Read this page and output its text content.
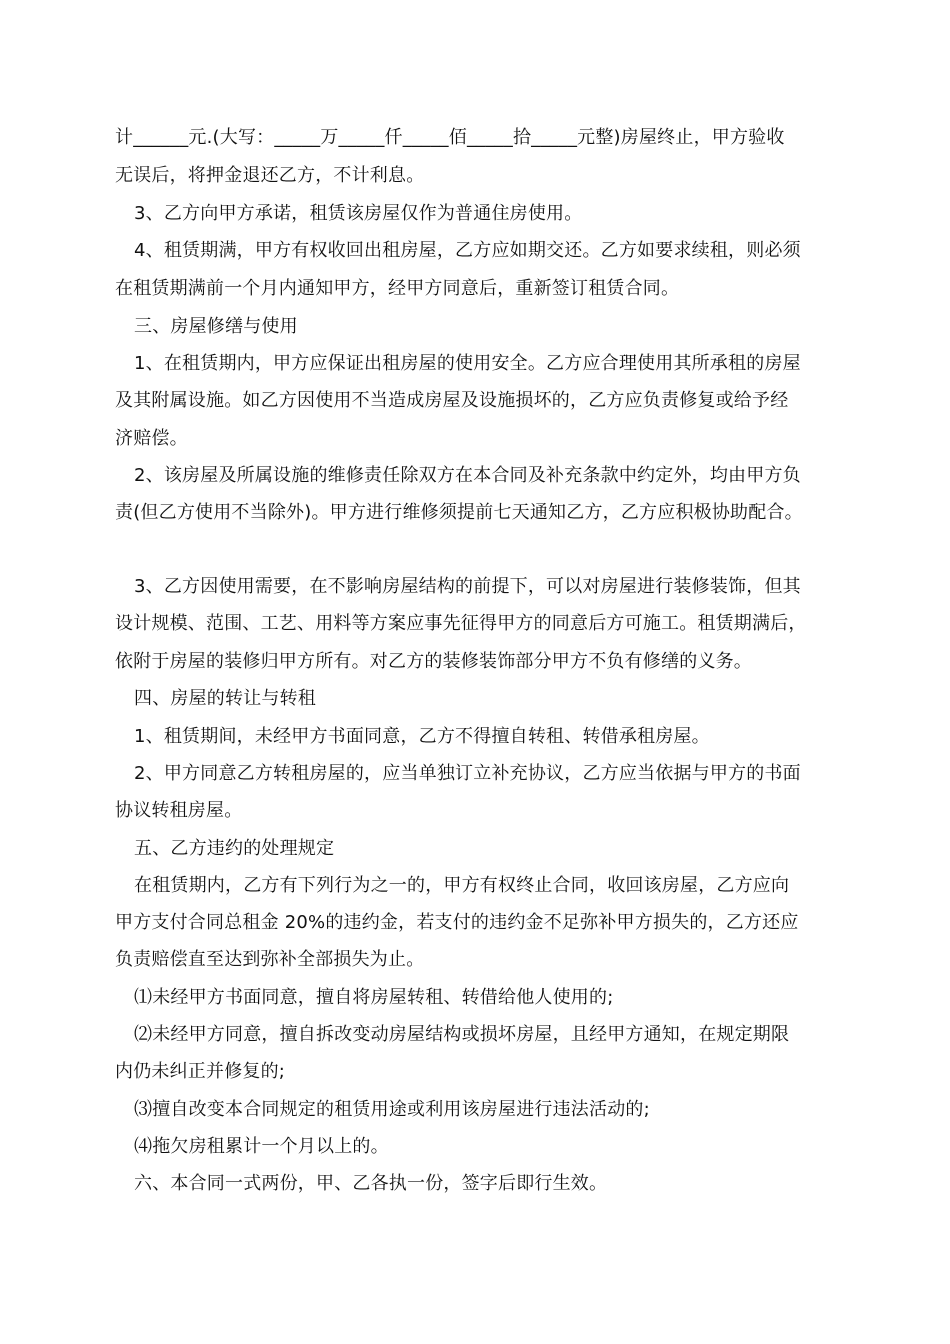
计______元.(大写：_____万_____仟_____佰_____拾_____元整)房屋终止，甲方验收
无误后，将押金退还乙方，不计利息。
3、乙方向甲方承诺，租赁该房屋仅作为普通住房使用。
4、租赁期满，甲方有权收回出租房屋，乙方应如期交还。乙方如要求续租，则必须
在租赁期满前一个月内通知甲方，经甲方同意后，重新签订租赁合同。
三、房屋修缮与使用
1、在租赁期内，甲方应保证出租房屋的使用安全。乙方应合理使用其所承租的房屋
及其附属设施。如乙方因使用不当造成房屋及设施损坏的，乙方应负责修复或给予经
济赔偿。
2、该房屋及所属设施的维修责任除双方在本合同及补充条款中约定外，均由甲方负
责(但乙方使用不当除外)。甲方进行维修须提前七天通知乙方，乙方应积极协助配合。
3、乙方因使用需要，在不影响房屋结构的前提下，可以对房屋进行装修装饰，但其
设计规模、范围、工艺、用料等方案应事先征得甲方的同意后方可施工。租赁期满后，
依附于房屋的装修归甲方所有。对乙方的装修装饰部分甲方不负有修缮的义务。
四、房屋的转让与转租
1、租赁期间，未经甲方书面同意，乙方不得擅自转租、转借承租房屋。
2、甲方同意乙方转租房屋的，应当单独订立补充协议，乙方应当依据与甲方的书面
协议转租房屋。
五、乙方违约的处理规定
在租赁期内，乙方有下列行为之一的，甲方有权终止合同，收回该房屋，乙方应向
甲方支付合同总租金 20%的违约金，若支付的违约金不足弥补甲方损失的，乙方还应
负责赔偿直至达到弥补全部损失为止。
⑴未经甲方书面同意，擅自将房屋转租、转借给他人使用的;
⑵未经甲方同意，擅自拆改变动房屋结构或损坏房屋，且经甲方通知，在规定期限
内仍未纠正并修复的;
⑶擅自改变本合同规定的租赁用途或利用该房屋进行违法活动的;
⑷拖欠房租累计一个月以上的。
六、本合同一式两份，甲、乙各执一份，签字后即行生效。
